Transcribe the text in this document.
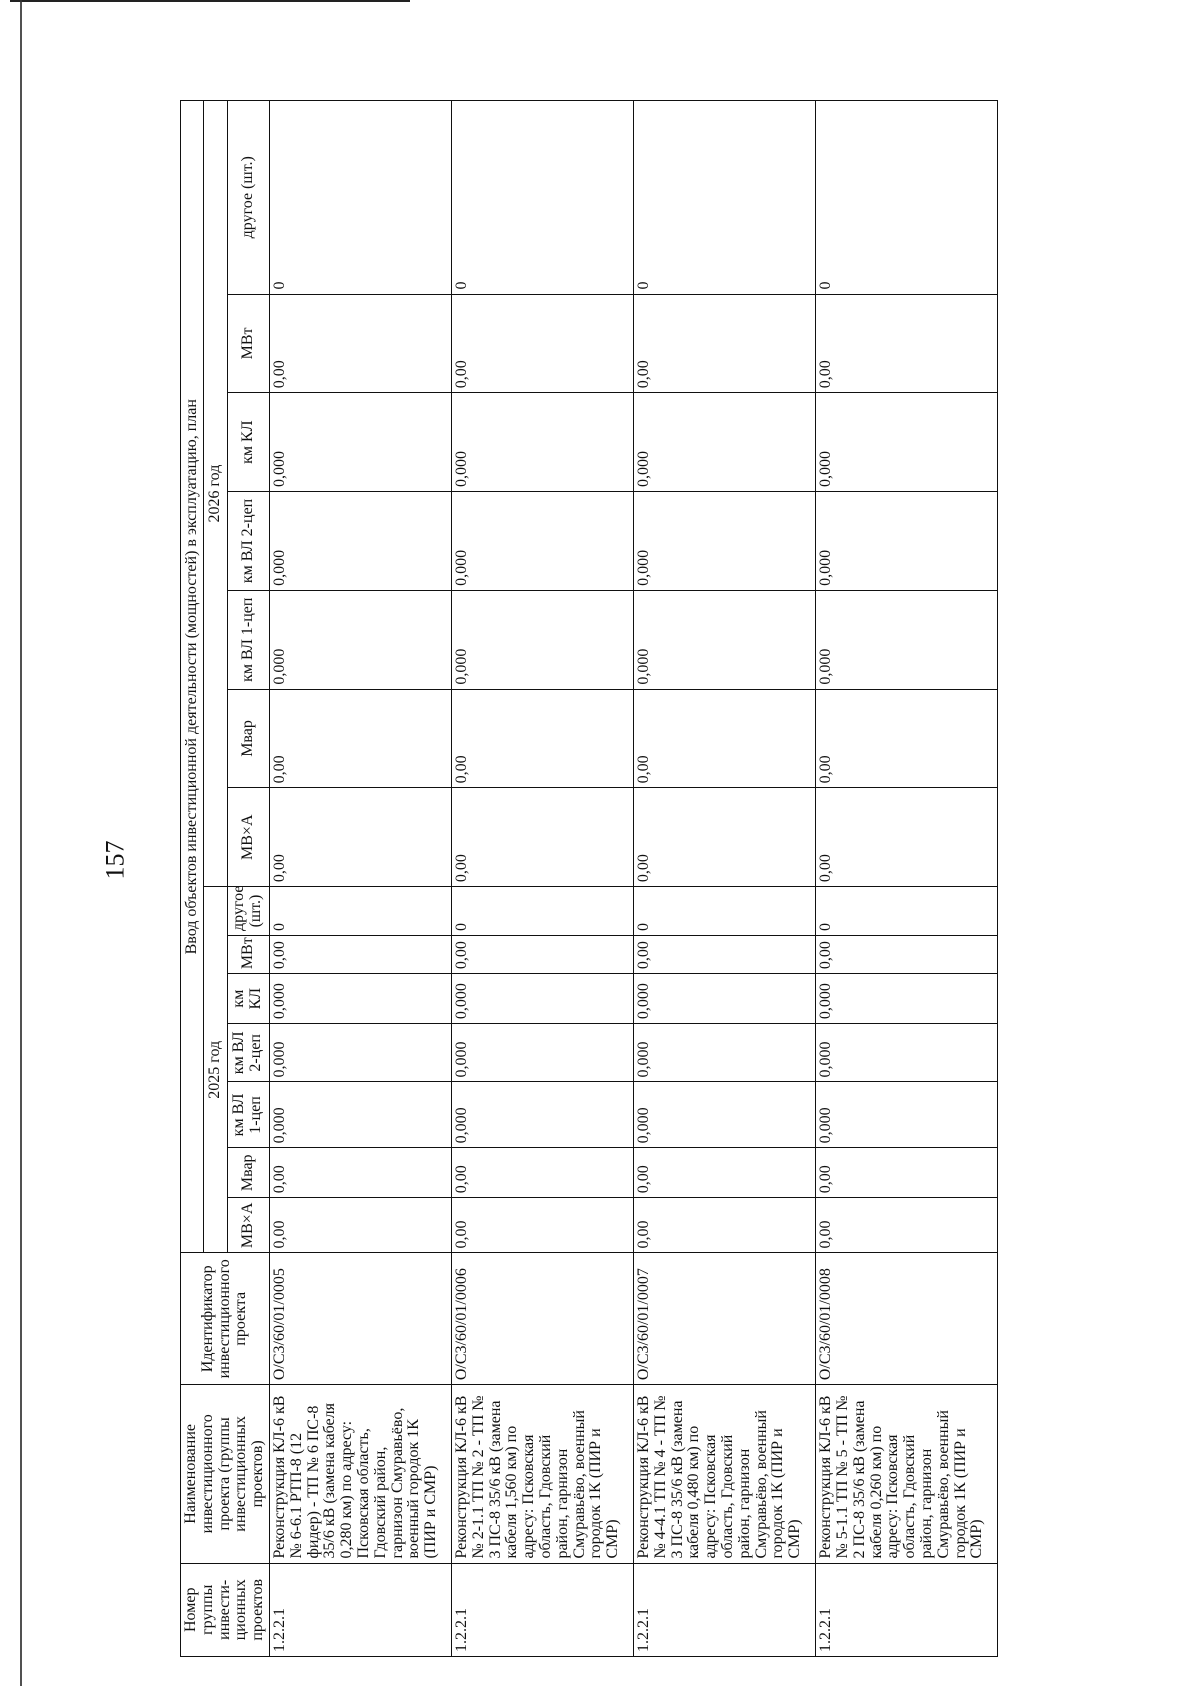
157
Номер группы инвести-ционных проектов	Наименование инвестиционного проекта (группы инвестиционных проектов)	Идентификатор инвестиционного проекта	Ввод объектов инвестиционной деятельности (мощностей) в эксплуатацию, план													
			2025 год							2026 год						
			МВ×А	Мвар	км ВЛ 1-цеп	км ВЛ 2-цеп	км КЛ	МВт	другое (шт.)	МВ×А	Мвар	км ВЛ 1-цеп	км ВЛ 2-цеп	км КЛ	МВт	другое (шт.)
1.2.2.1	Реконструкция КЛ-6 кВ № 6-6.1 РТП-8 (12 фидер) - ТП № 6 ПС-8 35/6 кВ (замена кабеля 0,280 км) по адресу: Псковская область, Гдовский район, гарнизон Смуравьёво, военный городок 1К (ПИР и СМР)	О/С3/60/01/0005	0,00	0,00	0,000	0,000	0,000	0,00	0	0,00	0,00	0,000	0,000	0,000	0,00	0
1.2.2.1	Реконструкция КЛ-6 кВ № 2-1.1 ТП № 2 - ТП № 3 ПС-8 35/6 кВ (замена кабеля 1,560 км) по адресу: Псковская область, Гдовский район, гарнизон Смуравьёво, военный городок 1К (ПИР и СМР)	О/С3/60/01/0006	0,00	0,00	0,000	0,000	0,000	0,00	0	0,00	0,00	0,000	0,000	0,000	0,00	0
1.2.2.1	Реконструкция КЛ-6 кВ № 4-4.1 ТП № 4 - ТП № 3 ПС-8 35/6 кВ (замена кабеля 0,480 км) по адресу: Псковская область, Гдовский район, гарнизон Смуравьёво, военный городок 1К (ПИР и СМР)	О/С3/60/01/0007	0,00	0,00	0,000	0,000	0,000	0,00	0	0,00	0,00	0,000	0,000	0,000	0,00	0
1.2.2.1	Реконструкция КЛ-6 кВ № 5-1.1 ТП № 5 - ТП № 2 ПС-8 35/6 кВ (замена кабеля 0,260 км) по адресу: Псковская область, Гдовский район, гарнизон Смуравьёво, военный городок 1К (ПИР и СМР)	О/С3/60/01/0008	0,00	0,00	0,000	0,000	0,000	0,00	0	0,00	0,00	0,000	0,000	0,000	0,00	0
